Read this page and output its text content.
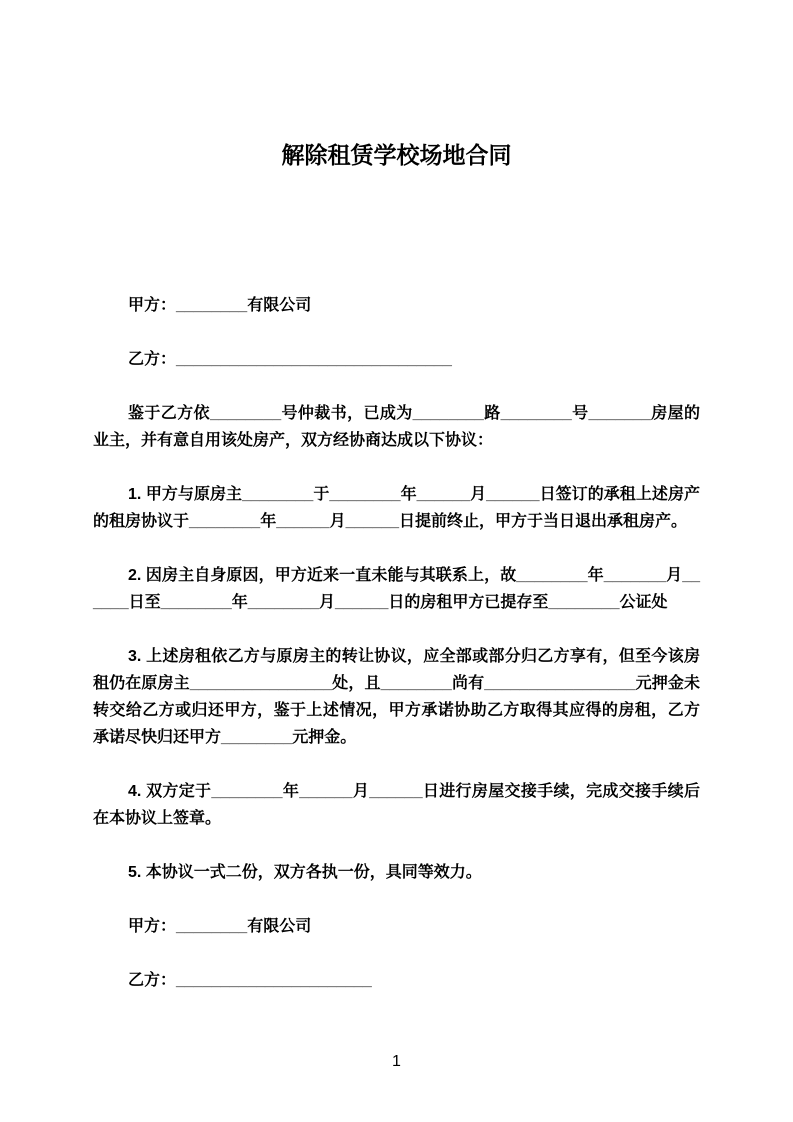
解除租赁学校场地合同

甲方：________有限公司

乙方：_______________________________

鉴于乙方依________号仲裁书，已成为________路________号_______房屋的业主，并有意自用该处房产，双方经协商达成以下协议：

1. 甲方与原房主________于________年______月______日签订的承租上述房产的租房协议于________年______月______日提前终止，甲方于当日退出承租房产。

2. 因房主自身原因，甲方近来一直未能与其联系上，故________年_______月______日至________年________月______日的房租甲方已提存至________公证处

3. 上述房租依乙方与原房主的转让协议，应全部或部分归乙方享有，但至今该房租仍在原房主________________处，且________尚有_________________元押金未转交给乙方或归还甲方，鉴于上述情况，甲方承诺协助乙方取得其应得的房租，乙方承诺尽快归还甲方________元押金。

4. 双方定于________年______月______日进行房屋交接手续，完成交接手续后在本协议上签章。

5. 本协议一式二份，双方各执一份，具同等效力。

甲方：________有限公司

乙方：______________________

1
